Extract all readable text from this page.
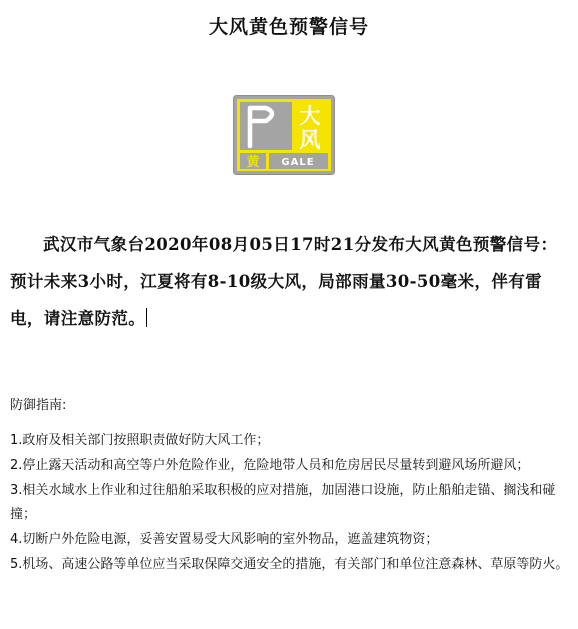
大风黄色预警信号
大
风
黄 GALE
武汉市气象台2020年08月05日17时21分发布大风黄色预警信号：预计未来3小时，江夏将有8-10级大风，局部雨量30-50毫米，伴有雷电，请注意防范。
防御指南:
1.政府及相关部门按照职责做好防大风工作；
2.停止露天活动和高空等户外危险作业，危险地带人员和危房居民尽量转到避风场所避风；
3.相关水域水上作业和过往船舶采取积极的应对措施，加固港口设施，防止船舶走锚、搁浅和碰撞；
4.切断户外危险电源，妥善安置易受大风影响的室外物品，遮盖建筑物资；
5.机场、高速公路等单位应当采取保障交通安全的措施，有关部门和单位注意森林、草原等防火。
